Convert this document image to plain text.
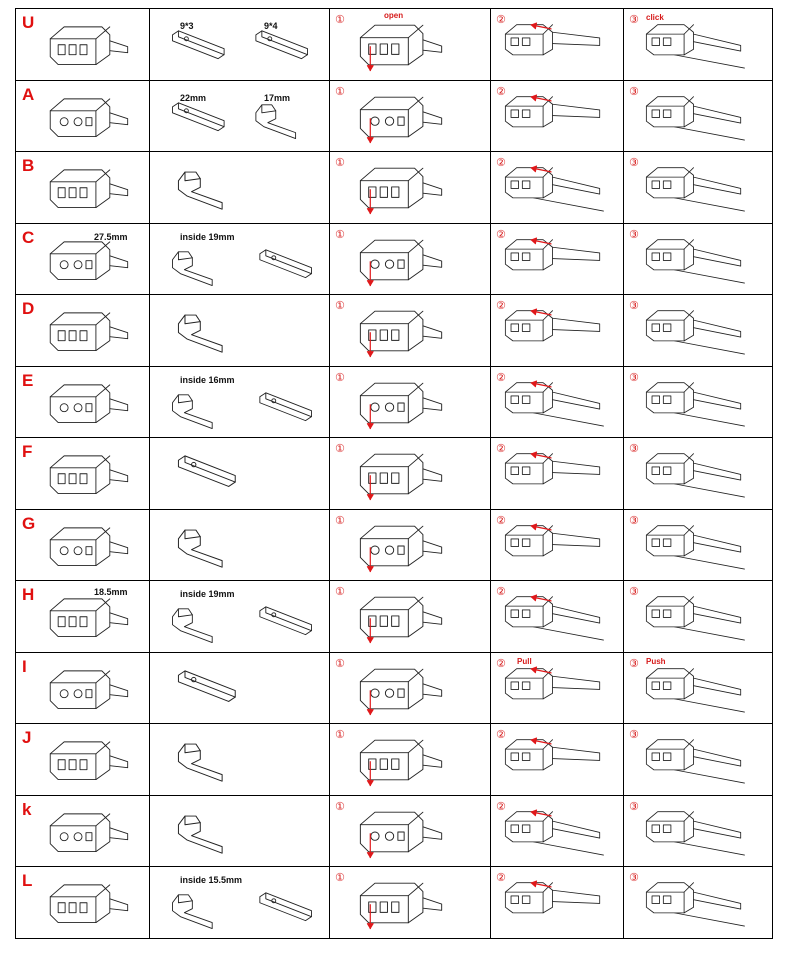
U	9*3 9*4	① open	②	③ click

A	22mm 17mm	①	②	③

B		①	②	③

C 27.5mm	inside 19mm	①	②	③

D		①	②	③

E	inside 16mm	①	②	③

F		①	②	③

G		①	②	③

H 18.5mm	inside 19mm	①	②	③

I		①	② Pull	③ Push

J		①	②	③

k		①	②	③

L	inside 15.5mm	①	②	③
